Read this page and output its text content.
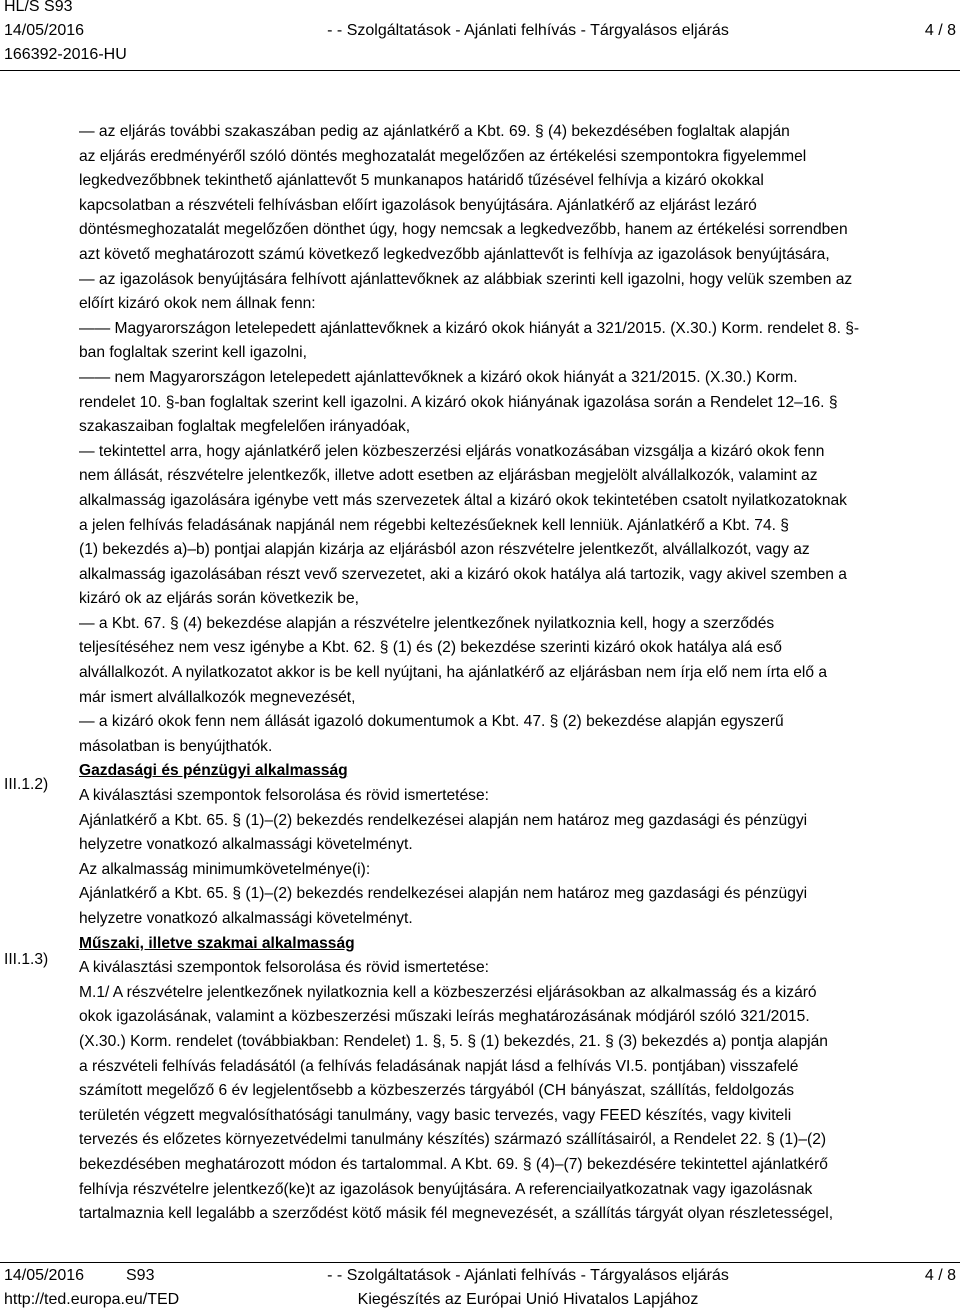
HL/S S93
14/05/2016
166392-2016-HU
- - Szolgáltatások - Ajánlati felhívás - Tárgyalásos eljárás	4 / 8
III.1.2)
III.1.3)

― az eljárás további szakaszában pedig az ajánlatkérő a Kbt. 69. § (4) bekezdésében foglaltak alapján

az eljárás eredményéről szóló döntés meghozatalát megelőzően az értékelési szempontokra figyelemmel

legkedvezőbbnek tekinthető ajánlattevőt 5 munkanapos határidő tűzésével felhívja a kizáró okokkal

kapcsolatban a részvételi felhívásban előírt igazolások benyújtására. Ajánlatkérő az eljárást lezáró

döntésmeghozatalát megelőzően dönthet úgy, hogy nemcsak a legkedvezőbb, hanem az értékelési sorrendben

azt követő meghatározott számú következő legkedvezőbb ajánlattevőt is felhívja az igazolások benyújtására,

― az igazolások benyújtására felhívott ajánlattevőknek az alábbiak szerinti kell igazolni, hogy velük szemben az

előírt kizáró okok nem állnak fenn:

―― Magyarországon letelepedett ajánlattevőknek a kizáró okok hiányát a 321/2015. (X.30.) Korm. rendelet 8. §-

ban foglaltak szerint kell igazolni,

―― nem Magyarországon letelepedett ajánlattevőknek a kizáró okok hiányát a 321/2015. (X.30.) Korm.

rendelet 10. §-ban foglaltak szerint kell igazolni. A kizáró okok hiányának igazolása során a Rendelet 12–16. §

szakaszaiban foglaltak megfelelően irányadóak,

― tekintettel arra, hogy ajánlatkérő jelen közbeszerzési eljárás vonatkozásában vizsgálja a kizáró okok fenn

nem állását, részvételre jelentkezők, illetve adott esetben az eljárásban megjelölt alvállalkozók, valamint az

alkalmasság igazolására igénybe vett más szervezetek által a kizáró okok tekintetében csatolt nyilatkozatoknak

a jelen felhívás feladásának napjánál nem régebbi keltezésűeknek kell lenniük. Ajánlatkérő a Kbt. 74. §

(1) bekezdés a)–b) pontjai alapján kizárja az eljárásból azon részvételre jelentkezőt, alvállalkozót, vagy az

alkalmasság igazolásában részt vevő szervezetet, aki a kizáró okok hatálya alá tartozik, vagy akivel szemben a

kizáró ok az eljárás során következik be,

― a Kbt. 67. § (4) bekezdése alapján a részvételre jelentkezőnek nyilatkoznia kell, hogy a szerződés

teljesítéséhez nem vesz igénybe a Kbt. 62. § (1) és (2) bekezdése szerinti kizáró okok hatálya alá eső

alvállalkozót. A nyilatkozatot akkor is be kell nyújtani, ha ajánlatkérő az eljárásban nem írja elő nem írta elő a

már ismert alvállalkozók megnevezését,

― a kizáró okok fenn nem állását igazoló dokumentumok a Kbt. 47. § (2) bekezdése alapján egyszerű

másolatban is benyújthatók.

Gazdasági és pénzügyi alkalmasság

A kiválasztási szempontok felsorolása és rövid ismertetése:

Ajánlatkérő a Kbt. 65. § (1)–(2) bekezdés rendelkezései alapján nem határoz meg gazdasági és pénzügyi

helyzetre vonatkozó alkalmassági követelményt.

Az alkalmasság minimumkövetelménye(i):

Ajánlatkérő a Kbt. 65. § (1)–(2) bekezdés rendelkezései alapján nem határoz meg gazdasági és pénzügyi

helyzetre vonatkozó alkalmassági követelményt.

Műszaki, illetve szakmai alkalmasság

A kiválasztási szempontok felsorolása és rövid ismertetése:

M.1/ A részvételre jelentkezőnek nyilatkoznia kell a közbeszerzési eljárásokban az alkalmasság és a kizáró

okok igazolásának, valamint a közbeszerzési műszaki leírás meghatározásának módjáról szóló 321/2015.

(X.30.) Korm. rendelet (továbbiakban: Rendelet) 1. §, 5. § (1) bekezdés, 21. § (3) bekezdés a) pontja alapján

a részvételi felhívás feladásától (a felhívás feladásának napját lásd a felhívás VI.5. pontjában) visszafelé

számított megelőző 6 év legjelentősebb a közbeszerzés tárgyából (CH bányászat, szállítás, feldolgozás

területén végzett megvalósíthatósági tanulmány, vagy basic tervezés, vagy FEED készítés, vagy kiviteli

tervezés és előzetes környezetvédelmi tanulmány készítés) származó szállításairól, a Rendelet 22. § (1)–(2)

bekezdésében meghatározott módon és tartalommal. A Kbt. 69. § (4)–(7) bekezdésére tekintettel ajánlatkérő

felhívja részvételre jelentkező(ke)t az igazolások benyújtására. A referenciailyatkozatnak vagy igazolásnak

tartalmaznia kell legalább a szerződést kötő másik fél megnevezését, a szállítás tárgyát olyan részletességel,

14/05/2016	S93	- - Szolgáltatások - Ajánlati felhívás - Tárgyalásos eljárás	4 / 8
http://ted.europa.eu/TED	Kiegészítés az Európai Unió Hivatalos Lapjához
